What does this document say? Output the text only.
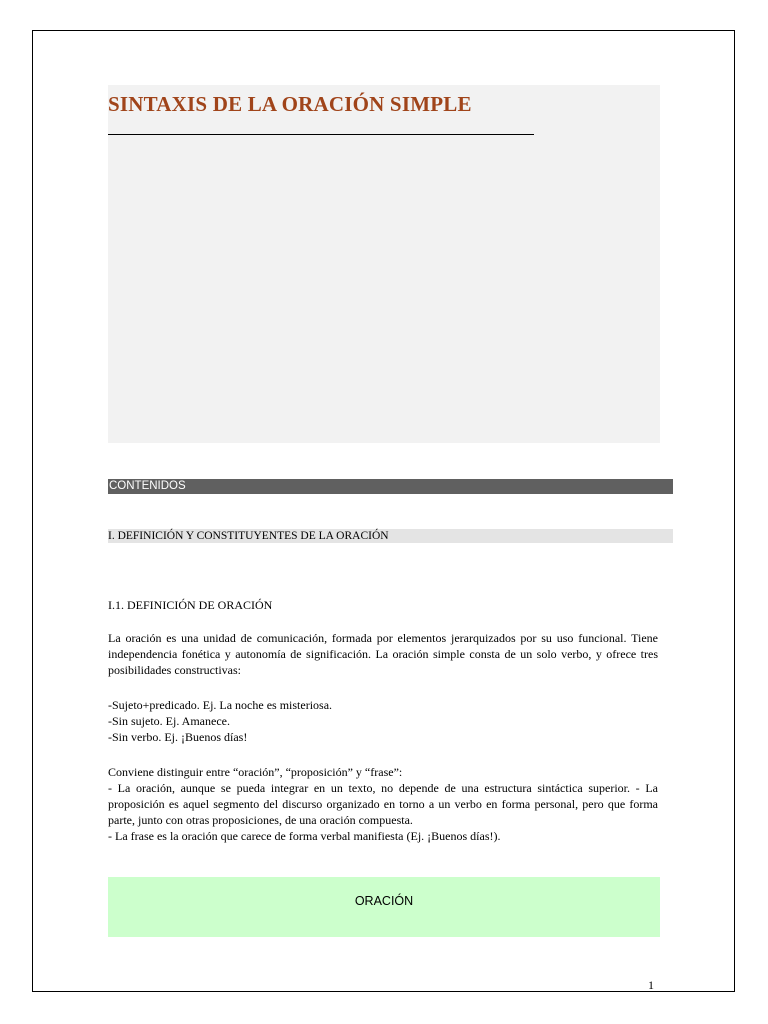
SINTAXIS DE LA ORACIÓN SIMPLE
CONTENIDOS
I. DEFINICIÓN Y CONSTITUYENTES DE LA ORACIÓN
I.1. DEFINICIÓN DE ORACIÓN

La oración es una unidad de comunicación, formada por elementos jerarquizados por su uso funcional. Tiene independencia fonética y autonomía de significación. La oración simple consta de un solo verbo, y ofrece tres posibilidades constructivas:

-Sujeto+predicado. Ej. La noche es misteriosa.
-Sin sujeto. Ej. Amanece.
-Sin verbo. Ej. ¡Buenos días!
Conviene distinguir entre “oración”, “proposición” y “frase”:
- La oración, aunque se pueda integrar en un texto, no depende de una estructura sintáctica superior. - La proposición es aquel segmento del discurso organizado en torno a un verbo en forma personal, pero que forma parte, junto con otras proposiciones, de una oración compuesta.
- La frase es la oración que carece de forma verbal manifiesta (Ej. ¡Buenos días!).
ORACIÓN
1
